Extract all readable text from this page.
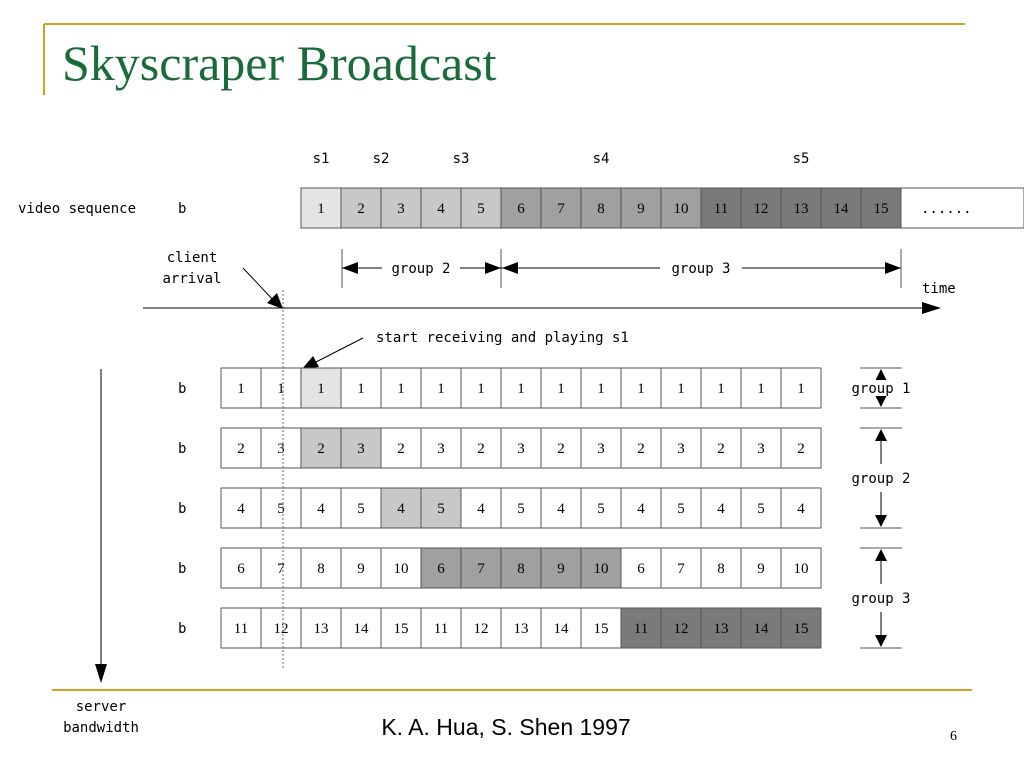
Skyscraper Broadcast
s1	s2	s3	s4	s5
video sequence	b	1 2 3 4 5 6 7 8 9 10 11 12 13 14 15 ......
group 2	group 3
client
arrival
time
start receiving and playing s1
server
bandwidth
b	1 1 1 1 1 1 1 1 1 1 1 1 1 1 1
b	2 3 2 3 2 3 2 3 2 3 2 3 2 3 2
b	4 5 4 5 4 5 4 5 4 5 4 5 4 5 4
b	6 7 8 9 10 6 7 8 9 10 6 7 8 9 10
b	11 12 13 14 15 11 12 13 14 15 11 12 13 14 15
group 1
group 2
group 3
K. A. Hua, S. Shen 1997	6
